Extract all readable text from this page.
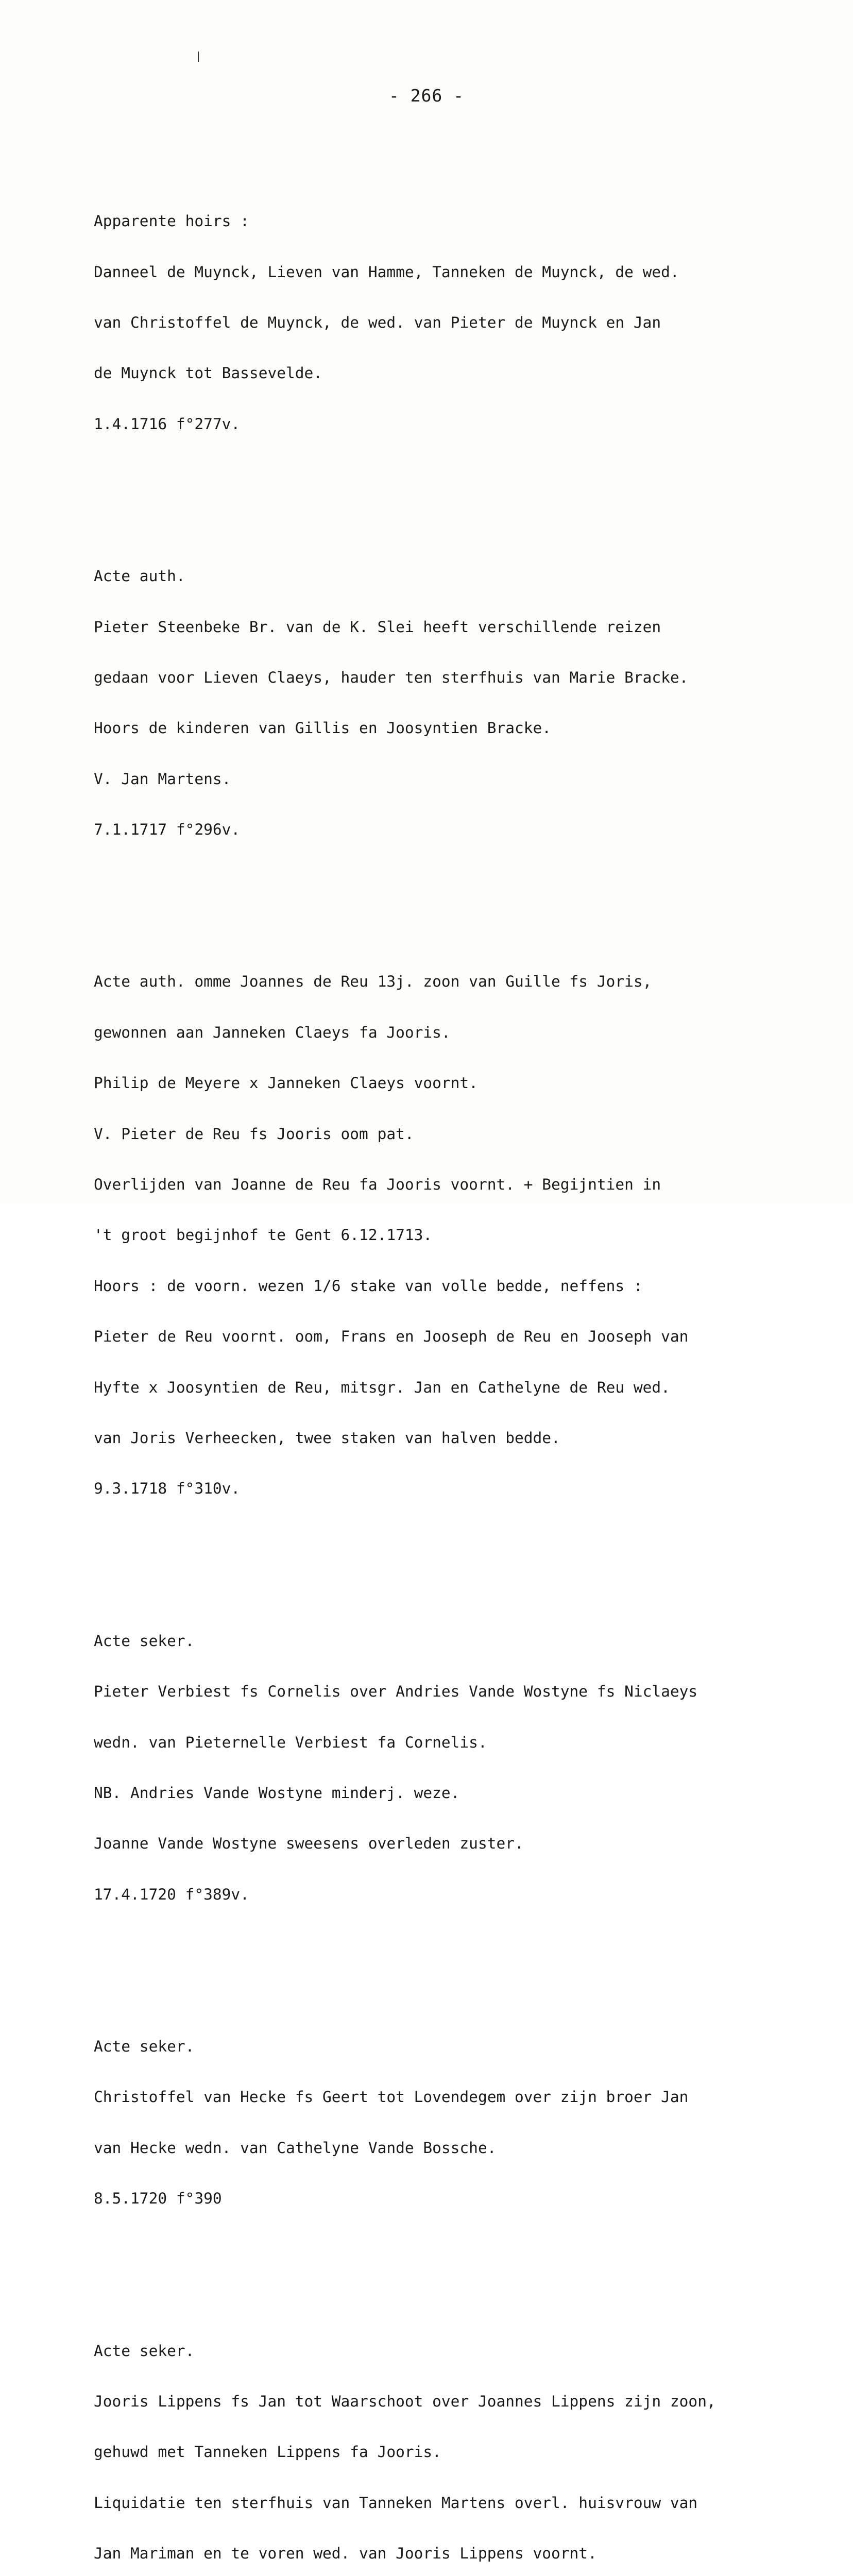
- 266 -

Apparente hoirs :

Danneel de Muynck, Lieven van Hamme, Tanneken de Muynck, de wed.

van Christoffel de Muynck, de wed. van Pieter de Muynck en Jan

de Muynck tot Bassevelde.

1.4.1716 f°277v.

Acte auth.

Pieter Steenbeke Br. van de K. Slei heeft verschillende reizen

gedaan voor Lieven Claeys, hauder ten sterfhuis van Marie Bracke.

Hoors de kinderen van Gillis en Joosyntien Bracke.

V. Jan Martens.

7.1.1717 f°296v.

Acte auth. omme Joannes de Reu 13j. zoon van Guille fs Joris,

gewonnen aan Janneken Claeys fa Jooris.

Philip de Meyere x Janneken Claeys voornt.

V. Pieter de Reu fs Jooris oom pat.

Overlijden van Joanne de Reu fa Jooris voornt. + Begijntien in

't groot begijnhof te Gent 6.12.1713.

Hoors : de voorn. wezen 1/6 stake van volle bedde, neffens :

Pieter de Reu voornt. oom, Frans en Jooseph de Reu en Jooseph van

Hyfte x Joosyntien de Reu, mitsgr. Jan en Cathelyne de Reu wed.

van Joris Verheecken, twee staken van halven bedde.

9.3.1718 f°310v.

Acte seker.

Pieter Verbiest fs Cornelis over Andries Vande Wostyne fs Niclaeys

wedn. van Pieternelle Verbiest fa Cornelis.

NB. Andries Vande Wostyne minderj. weze.

Joanne Vande Wostyne sweesens overleden zuster.

17.4.1720 f°389v.

Acte seker.

Christoffel van Hecke fs Geert tot Lovendegem over zijn broer Jan

van Hecke wedn. van Cathelyne Vande Bossche.

8.5.1720 f°390

Acte seker.

Jooris Lippens fs Jan tot Waarschoot over Joannes Lippens zijn zoon,

gehuwd met Tanneken Lippens fa Jooris.

Liquidatie ten sterfhuis van Tanneken Martens overl. huisvrouw van

Jan Mariman en te voren wed. van Jooris Lippens voornt.
